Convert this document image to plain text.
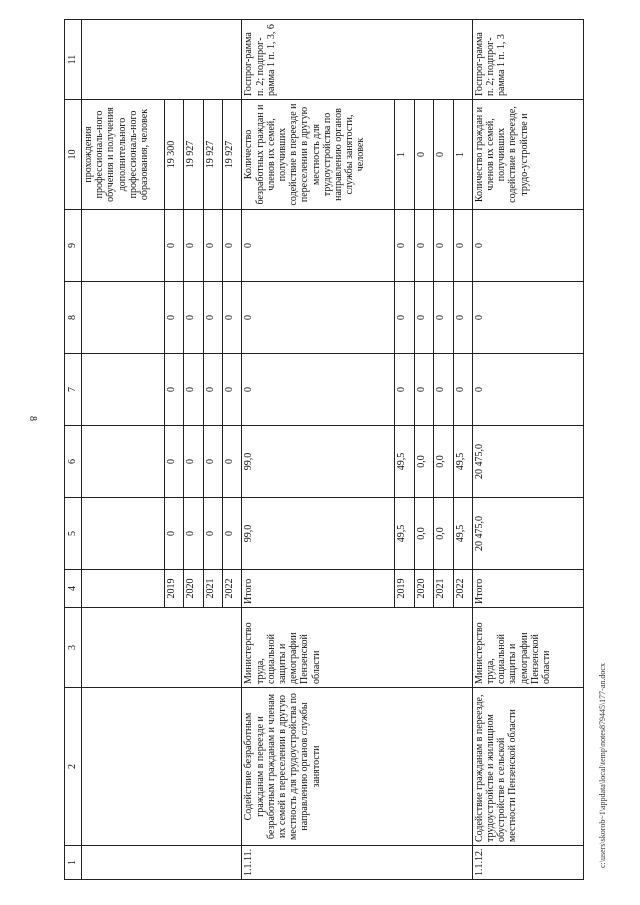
8
c:\users\skorob~1\appdata\local\temp\notes879445\177-an.docx
1	2	3	4	5	6	7	8	9	10	11
									прохождения профессиональ-ного обучения и получения дополнительного профессиональ-ного образования, человек	
			2019	0	0	0	0	0	19 300	
			2020	0	0	0	0	0	19 927	
			2021	0	0	0	0	0	19 927	
			2022	0	0	0	0	0	19 927	
1.1.11.	Содействие безработным гражданам в переезде и безработным гражданам и членам их семей в переселении в другую местность для трудоустройства по направлению органов службы занятости	Министерство труда, социальной защиты и демографии Пензенской области	Итого	99,0	99,0	0	0	0	Количество безработных граждан и членов их семей, получивших содействие в переезде и переселении в другую местность для трудоустройства по направлению органов службы занятости, человек	Госпрог-рамма п. 2; подпрог-рамма 1 п. 1, 3, 6
			2019	49,5	49,5	0	0	0	1	
			2020	0,0	0,0	0	0	0	0	
			2021	0,0	0,0	0	0	0	0	
			2022	49,5	49,5	0	0	0	1	
1.1.12.	Содействие гражданам в переезде, трудоустройстве и жилищном обустройстве в сельской местности Пензенской области	Министерство труда, социальной защиты и демографии Пензенской области	Итого	20 475,0	20 475,0	0	0	0	Количество граждан и членов их семей, получивших содействие в переезде, трудо-устройстве и	Госпрог-рамма п. 2; подпрог-рамма 1 п. 1, 3
